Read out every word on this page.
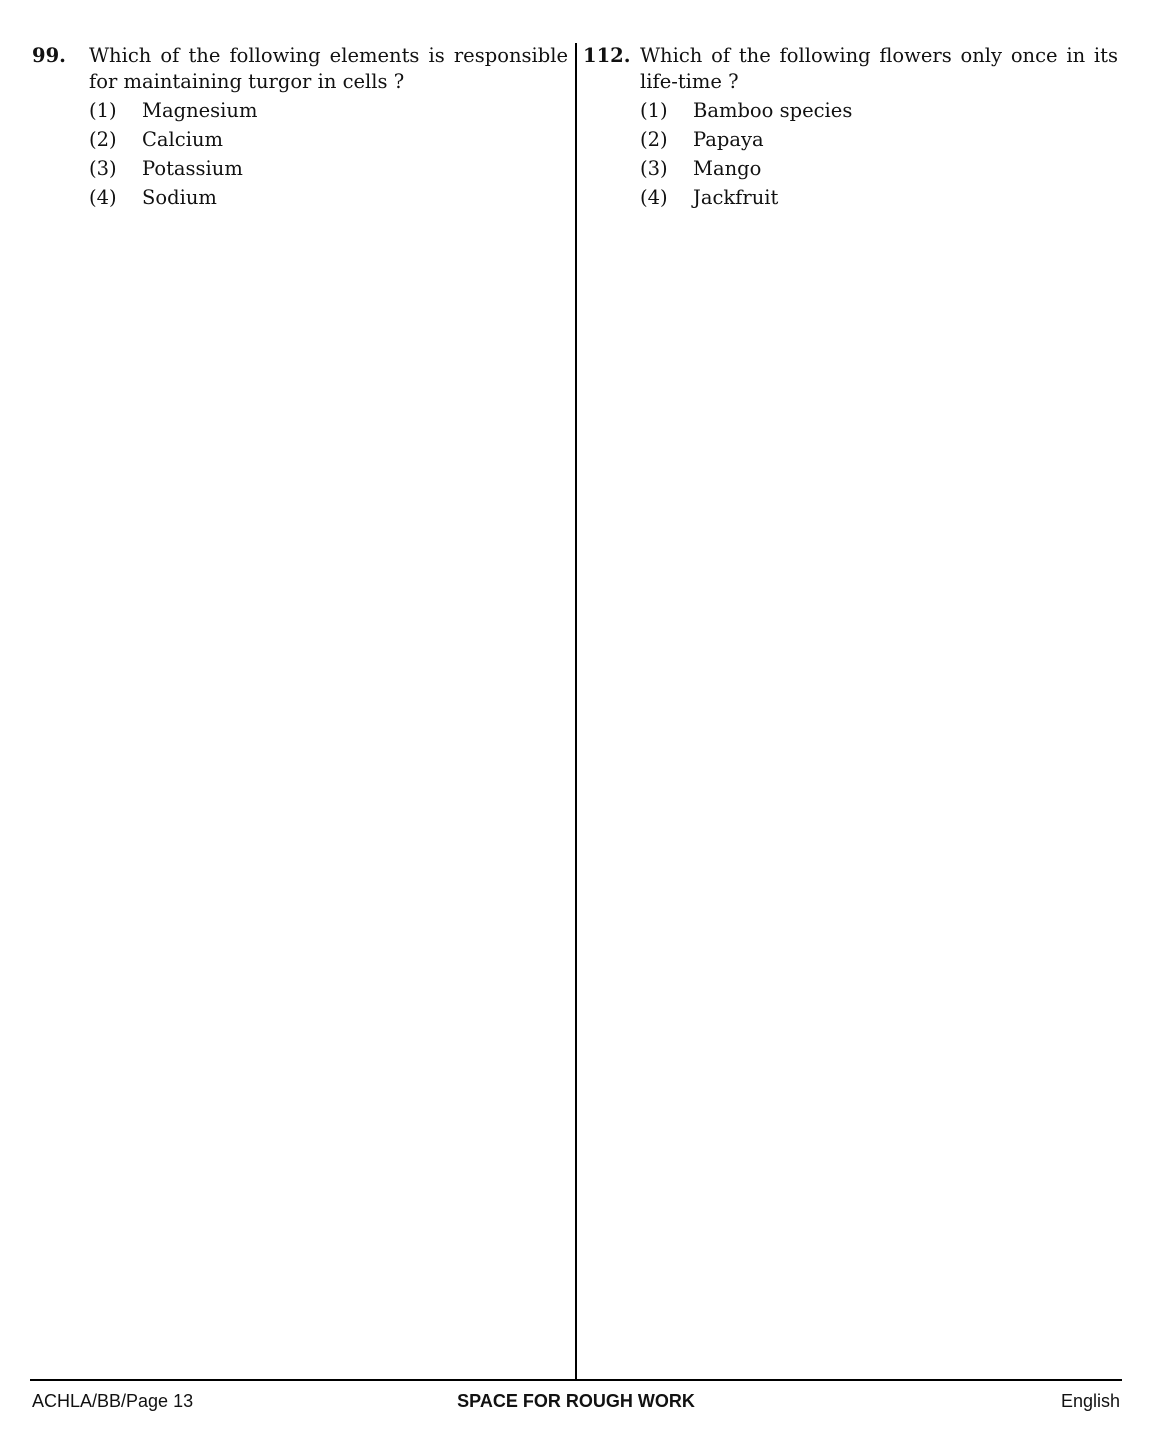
99. Which of the following elements is responsible for maintaining turgor in cells ?
(1) Magnesium
(2) Calcium
(3) Potassium
(4) Sodium
112. Which of the following flowers only once in its life-time ?
(1) Bamboo species
(2) Papaya
(3) Mango
(4) Jackfruit
ACHLA/BB/Page 13	SPACE FOR ROUGH WORK	English
